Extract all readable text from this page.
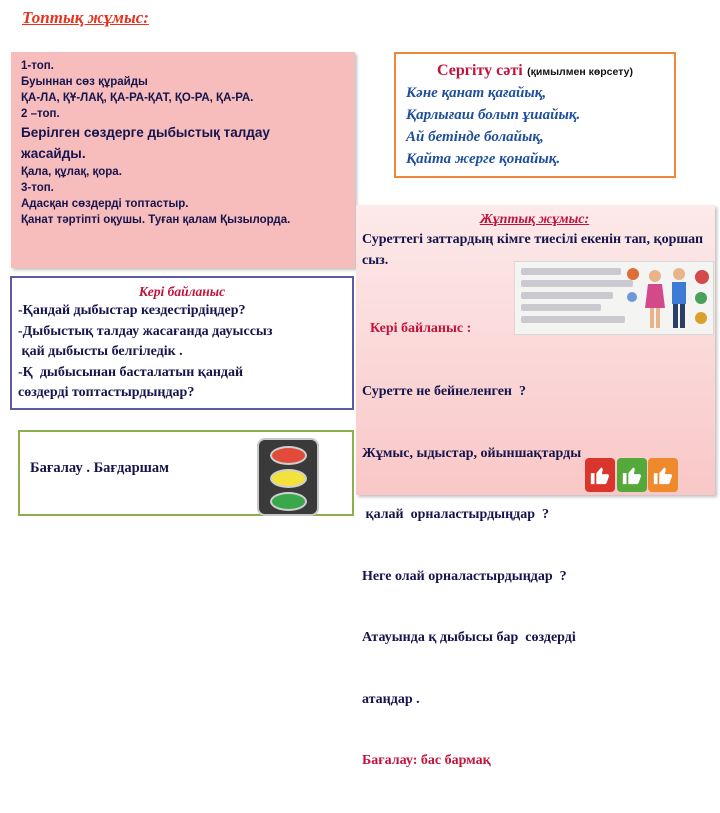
Топтық жұмыс:
1-топ.
Буыннан сөз құрайды
ҚА-ЛА, ҚҰ-ЛАҚ, ҚА-РА-ҚАТ, ҚО-РА, ҚА-РА.
2 –топ.
Берілген сөздерге дыбыстық талдау
жасайды.
Қала, құлақ, қора.
3-топ.
Адасқан сөздерді топтастыр.
Қанат тәртіпті оқушы. Туған қалам Қызылорда.
Сергіту сәті (қимылмен көрсету)
Кәне қанат қағайық,
Қарлығаш болып ұшайық.
Ай бетінде болайық,
Қайта жерге қонайық.
Кері байланыс
-Қандай дыбыстар кездестірдіңдер?
-Дыбыстық талдау жасағанда дауыссыз
қай дыбысты белгіледік .
-Қ  дыбысынан басталатын қандай
сөздерді топтастырдыңдар?
Жұптық жұмыс:
Суреттегі заттардың кімге тиесілі екенін тап, қоршап сыз.
Кері байланыс :

Суретте не бейнеленген  ?

Жұмыс, ыдыстар, ойыншақтарды

қалай  орналастырдыңдар  ?

Неге олай орналастырдыңдар  ?

Атауында қ дыбысы бар  сөздерді

атаңдар .

Бағалау: бас бармақ

Бағалау . Бағдаршам
